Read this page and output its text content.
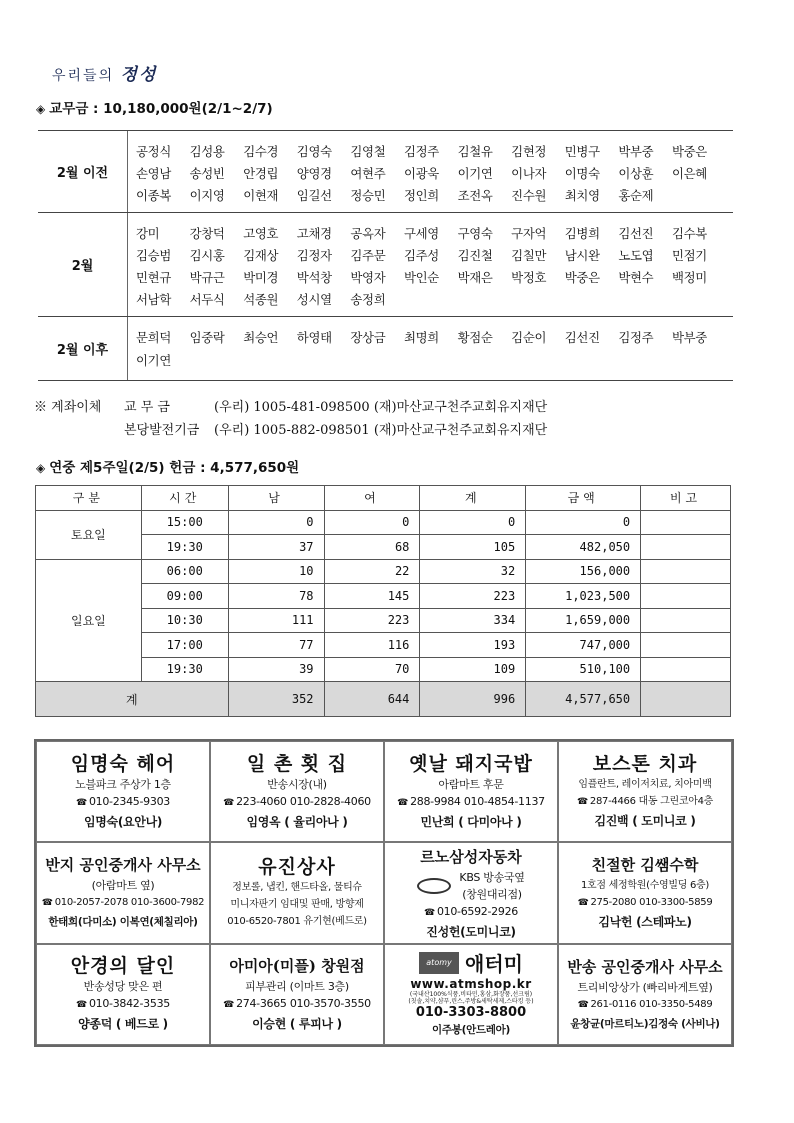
우리들의 정성
◈ 교무금 : 10,180,000원(2/1~2/7)
2월 이전
공정식	김성용	김수경	김영숙	김영철	김정주	김철유	김현정	민병구	박부중	박중은
손영남	송성빈	안경립	양영경	여현주	이광욱	이기연	이나자	이명숙	이상훈	이은혜
이종복	이지영	이현재	임길선	정승민	정인희	조전옥	진수원	최치영	홍순제
2월
강미	강창덕	고영호	고채경	공옥자	구세영	구영숙	구자억	김병희	김선진	김수복
김승범	김시홍	김재상	김정자	김주문	김주성	김진철	김칠만	남시완	노도엽	민점기
민현규	박규근	박미경	박석창	박영자	박인순	박재은	박정호	박중은	박현수	백정미
서남학	서두식	석종원	성시열	송정희
2월 이후
문희덕	임중락	최승언	하영태	장상금	최명희	황점순	김순이	김선진	김정주	박부중
이기연
※ 계좌이체	교 무 금	(우리) 1005-481-098500 (재)마산교구천주교회유지재단
본당발전기금	(우리) 1005-882-098501 (재)마산교구천주교회유지재단
◈ 연중 제5주일(2/5) 헌금 : 4,577,650원
구분	시간	남	여	계	금액	비고
토요일	15:00	0	0	0	0	
	19:30	37	68	105	482,050	
일요일	06:00	10	22	32	156,000	
	09:00	78	145	223	1,023,500	
	10:30	111	223	334	1,659,000	
	17:00	77	116	193	747,000	
	19:30	39	70	109	510,100	
계		352	644	996	4,577,650	
임명숙 헤어
노블파크 주상가 1층
☎ 010-2345-9303
임명숙(요안나)
일 촌 횟 집
반송시장(내)
☎ 223-4060 010-2828-4060
임영옥 ( 율리아나 )
옛날 돼지국밥
아람마트 후문
☎ 288-9984 010-4854-1137
민난희 ( 다미아나 )
보스톤 치과
임플란트, 레이저치료, 치아미백
☎ 287-4466 대동 그린코아4층
김진백 ( 도미니코 )
반지 공인중개사 사무소
(아람마트 옆)
☎ 010-2057-2078 010-3600-7982
한태희(다미소) 이복연(체칠리아)
유진상사
정보롤, 냅킨, 핸드타올, 물티슈
미니자판기 임대및 판매, 방향제
010-6520-7801 유기현(베드로)
르노삼성자동차
KBS 방송국옆
(창원대리점)
☎ 010-6592-2926
진성헌(도미니코)
친절한 김쌤수학
1호점 세정학원(수영빌딩 6층)
☎ 275-2080 010-3300-5859
김낙헌 (스테파노)
안경의 달인
반송성당 맞은 편
☎ 010-3842-3535
양종덕 ( 베드로 )
아미아(미플) 창원점
피부관리 (이마트 3층)
☎ 274-3665 010-3570-3550
이승현 ( 루피나 )
atomy 애터미
www.atmshop.kr
(국내산100%식품,비타민,홍삼,화장품,선크림)
(칫솔,치약,샴푸,린스,주방&세탁세제,스타킹 등)
010-3303-8800
이주봉(안드레아)
반송 공인중개사 사무소
트리비앙상가 (빠리바게트옆)
☎ 261-0116 010-3350-5489
윤창균(마르티노)김정숙 (사비나)
